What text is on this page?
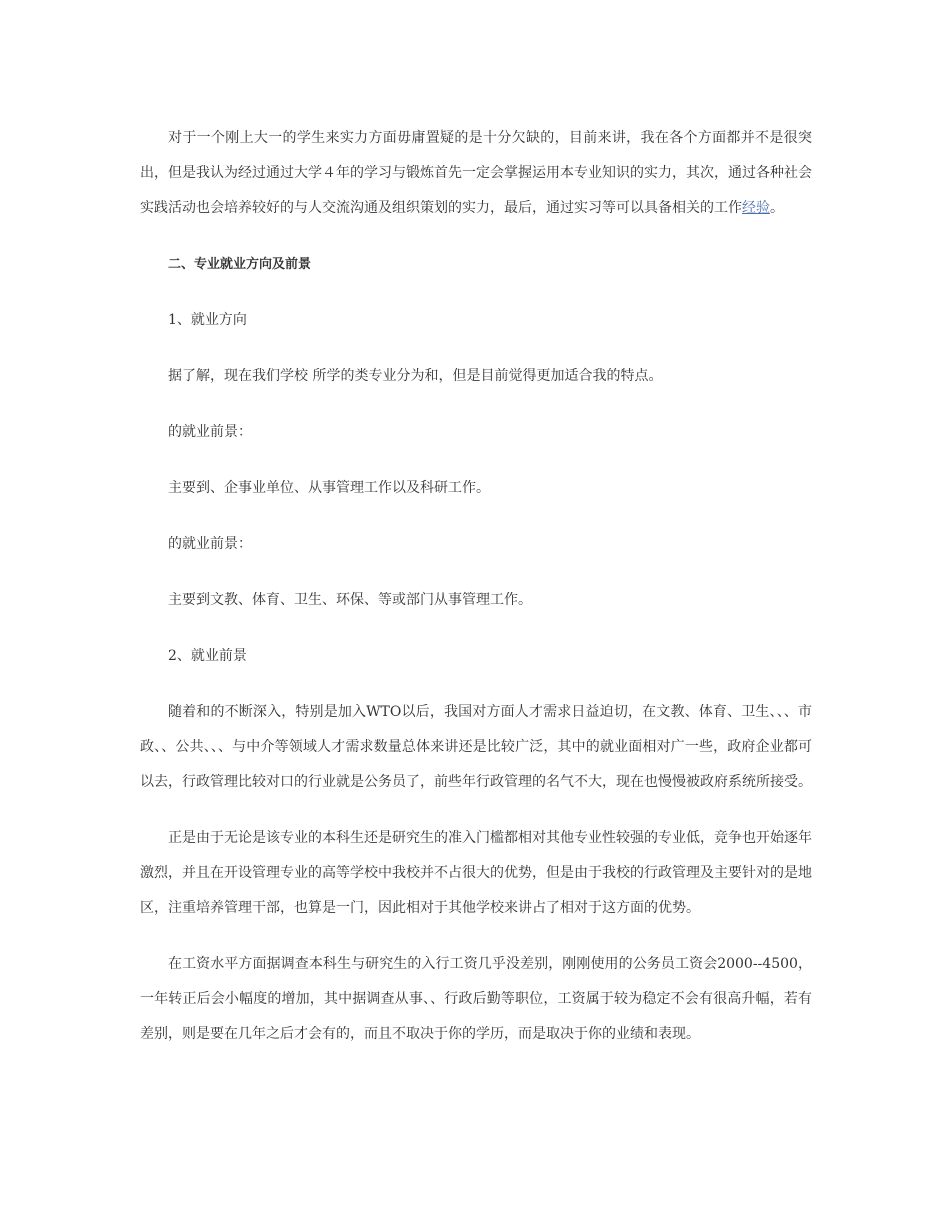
对于一个刚上大一的学生来实力方面毋庸置疑的是十分欠缺的，目前来讲，我在各个方面都并不是很突出，但是我认为经过通过大学４年的学习与锻炼首先一定会掌握运用本专业知识的实力，其次，通过各种社会实践活动也会培养较好的与人交流沟通及组织策划的实力，最后，通过实习等可以具备相关的工作经验。

二、专业就业方向及前景

1、就业方向

据了解，现在我们学校 所学的类专业分为和，但是目前觉得更加适合我的特点。

的就业前景：

主要到、企事业单位、从事管理工作以及科研工作。

的就业前景：

主要到文教、体育、卫生、环保、等或部门从事管理工作。

2、就业前景

随着和的不断深入，特别是加入WTO以后，我国对方面人才需求日益迫切，在文教、体育、卫生、、、市政、、公共、、、与中介等领域人才需求数量总体来讲还是比较广泛，其中的就业面相对广一些，政府企业都可以去，行政管理比较对口的行业就是公务员了，前些年行政管理的名气不大，现在也慢慢被政府系统所接受。

正是由于无论是该专业的本科生还是研究生的准入门槛都相对其他专业性较强的专业低，竞争也开始逐年激烈，并且在开设管理专业的高等学校中我校并不占很大的优势，但是由于我校的行政管理及主要针对的是地区，注重培养管理干部，也算是一门，因此相对于其他学校来讲占了相对于这方面的优势。

在工资水平方面据调查本科生与研究生的入行工资几乎没差别，刚刚使用的公务员工资会2000--4500，一年转正后会小幅度的增加，其中据调查从事、、行政后勤等职位，工资属于较为稳定不会有很高升幅，若有差别，则是要在几年之后才会有的，而且不取决于你的学历，而是取决于你的业绩和表现。
